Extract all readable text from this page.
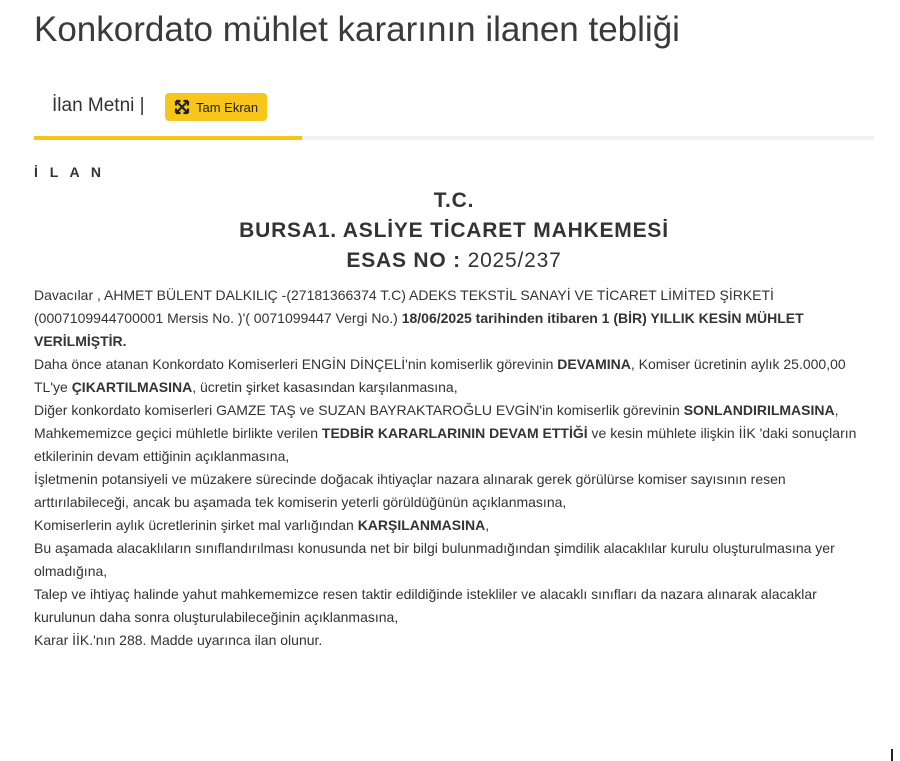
Konkordato mühlet kararının ilanen tebliği
İlan Metni |	Tam Ekran
İ L A N
T.C.
BURSA1. ASLİYE TİCARET MAHKEMESİ
ESAS NO : 2025/237

Davacılar , AHMET BÜLENT DALKILIÇ -(27181366374 T.C) ADEKS TEKSTİL SANAYİ VE TİCARET LİMİTED ŞİRKETİ (0007109944700001 Mersis No. )'( 0071099447 Vergi No.) 18/06/2025 tarihinden itibaren 1 (BİR) YILLIK KESİN MÜHLET VERİLMİŞTİR.

Daha önce atanan Konkordato Komiserleri ENGİN DİNÇELİ'nin komiserlik görevinin DEVAMINA, Komiser ücretinin aylık 25.000,00 TL'ye ÇIKARTILMASINA, ücretin şirket kasasından karşılanmasına,

Diğer konkordato komiserleri GAMZE TAŞ ve SUZAN BAYRAKTAROĞLU EVGİN'in komiserlik görevinin SONLANDIRILMASINA,

Mahkememizce geçici mühletle birlikte verilen TEDBİR KARARLARININ DEVAM ETTİĞİ ve kesin mühlete ilişkin İİK 'daki sonuçların etkilerinin devam ettiğinin açıklanmasına,

İşletmenin potansiyeli ve müzakere sürecinde doğacak ihtiyaçlar nazara alınarak gerek görülürse komiser sayısının resen arttırılabileceği, ancak bu aşamada tek komiserin yeterli görüldüğünün açıklanmasına,

Komiserlerin aylık ücretlerinin şirket mal varlığından KARŞILANMASINA,

Bu aşamada alacaklıların sınıflandırılması konusunda net bir bilgi bulunmadığından şimdilik alacaklılar kurulu oluşturulmasına yer olmadığına,

Talep ve ihtiyaç halinde yahut mahkememizce resen taktir edildiğinde istekliler ve alacaklı sınıfları da nazara alınarak alacaklar kurulunun daha sonra oluşturulabileceğinin açıklanmasına,

Karar İİK.'nın 288. Madde uyarınca ilan olunur.
